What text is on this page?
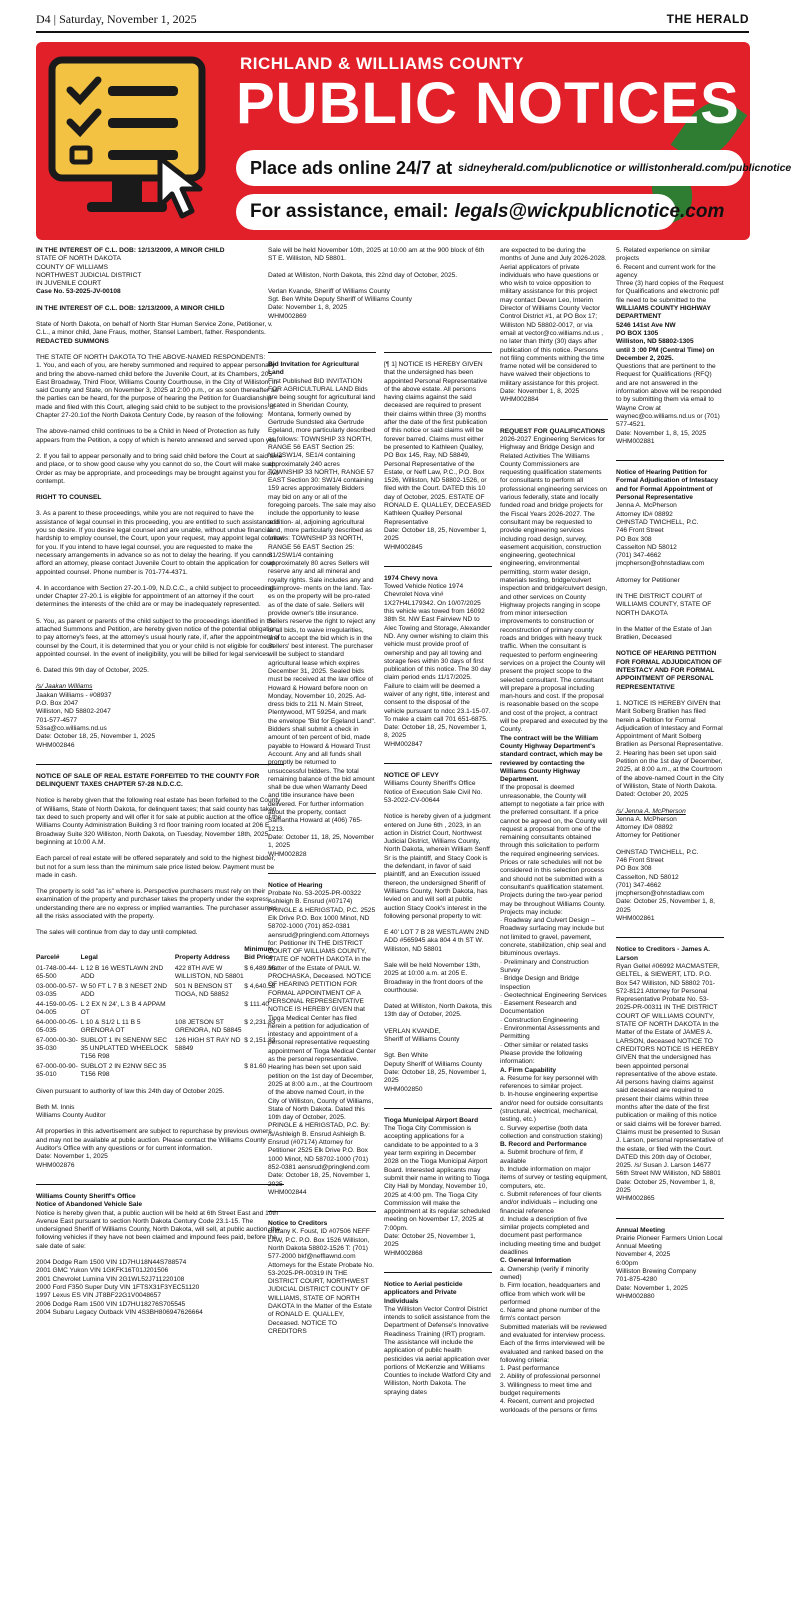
D4 | Saturday, November 1, 2025	THE HERALD
RICHLAND & WILLIAMS COUNTY
PUBLIC NOTICES
Place ads online 24/7 at sidneyherald.com/publicnotice or willistonherald.com/publicnotice
For assistance, email: legals@wickpublicnotice.com

IN THE INTEREST OF C.L. DOB: 12/13/2009, A MINOR CHILD

STATE OF NORTH DAKOTA

COUNTY OF WILLIAMS

NORTHWEST JUDICIAL DISTRICT

IN JUVENILE COURT

Case No. 53-2025-JV-00108

IN THE INTEREST OF C.L. DOB: 12/13/2009, A MINOR CHILD

State of North Dakota, on behalf of North Star Human Service Zone, Petitioner, v. C.L., a minor child, Jane Fraus, mother, Stansel Lambert, father. Respondents.

REDACTED SUMMONS

THE STATE OF NORTH DAKOTA TO THE ABOVE-NAMED RESPONDENTS:

1. You, and each of you, are hereby summoned and required to appear personally and bring the above-named child before the Juvenile Court, at its Chambers, 205 East Broadway, Third Floor, Williams County Courthouse, in the City of Williston, in said County and State, on November 3, 2025 at 2:00 p.m., or as soon thereafter as the parties can be heard, for the purpose of hearing the Petition for Guardianship made and filed with this Court, alleging said child to be subject to the provisions of Chapter 27-20.1of the North Dakota Century Code, by reason of the following:

The above-named child continues to be a Child in Need of Protection as fully appears from the Petition, a copy of which is hereto annexed and served upon you.

2. If you fail to appear personally and to bring said child before the Court at said time and place, or to show good cause why you cannot do so, the Court will make such Order as may be appropriate, and proceedings may be brought against you for civil contempt.

RIGHT TO COUNSEL

3. As a parent to these proceedings, while you are not required to have the assistance of legal counsel in this proceeding, you are entitled to such assistance if you so desire. If you desire legal counsel and are unable, without undue financial hardship to employ counsel, the Court, upon your request, may appoint legal counsel for you. If you intend to have legal counsel, you are requested to make the necessary arrangements in advance so as not to delay the hearing. If you cannot afford an attorney, please contact Juvenile Court to obtain the application for court-appointed counsel. Phone number is 701-774-4371.

4. In accordance with Section 27-20.1-09, N.D.C.C., a child subject to proceedings under Chapter 27-20.1 is eligible for appointment of an attorney if the court determines the interests of the child are or may be inadequately represented.

5. You, as parent or parents of the child subject to the proceedings identified in the attached Summons and Petition, are hereby given notice of the potential obligation to pay attorney's fees, at the attorney's usual hourly rate, if, after the appointment of counsel by the Court, it is determined that you or your child is not eligible for court-appointed counsel. In the event of ineligibility, you will be billed for legal services.

6. Dated this 9th day of October, 2025.

/s/ Jaakan Williams

Jaakan Williams - #08937

P.O. Box 2047

Williston, ND 58802-2047

701-577-4577

53sa@co.williams.nd.us

Date: October 18, 25, November 1, 2025

WHM002846

NOTICE OF SALE OF REAL ESTATE FORFEITED TO THE COUNTY FOR DELINQUENT TAXES CHAPTER 57-28 N.D.C.C.

Notice is hereby given that the following real estate has been forfeited to the County of Williams, State of North Dakota, for delinquent taxes; that said county has taken tax deed to such property and will offer it for sale at public auction at the office of the Williams County Administration Building 3 rd floor training room located at 206 E Broadway Suite 320 Williston, North Dakota, on Tuesday, November 18th, 2025, beginning at 10:00 A.M.

Each parcel of real estate will be offered separately and sold to the highest bidder, but not for a sum less than the minimum sale price listed below. Payment must be made in cash.

The property is sold "as is" where is. Perspective purchasers must rely on their examination of the property and purchaser takes the property under the express understanding there are no express or implied warranties. The purchaser assumes all the risks associated with the property.

The sales will continue from day to day until completed.

Parcel#	Legal	Property Address	Minimum Bid Price
01-748-00-44-65-500	L 12 B 16 WESTLAWN 2ND ADD	422 8TH AVE W WILLISTON, ND 58801	$ 6,489.36
03-000-00-57-03-035	W 50 FT L 7 B 3 NESET 2ND ADD	501 N BENSON ST TIOGA, ND 58852	$ 4,640.58
44-159-00-05-04-005	L 2 EX N 24', L 3 B 4 APPAM OT		$ 111.40
64-000-00-05-05-035	L 10 & S1/2 L 11 B 5 GRENORA OT	108 JETSON ST GRENORA, ND 58845	$ 2,231.83
67-000-00-30-35-030	SUBLOT 1 IN SENENW SEC 35 UNPLATTED WHEELOCK T156 R98	126 HIGH ST RAY ND 58849	$ 2,151.83
67-000-00-90-35-010	SUBLOT 2 IN E2NW SEC 35 T156 R98		$ 81.60

Given pursuant to authority of law this 24th day of October 2025.

Beth M. Innis

Williams County Auditor

All properties in this advertisement are subject to repurchase by previous owners and may not be available at public auction. Please contact the Williams County Auditor's Office with any questions or for current information.

Date: November 1, 2025

WHM002876

Williams County Sheriff's Office

Notice of Abandoned Vehicle Sale

Notice is hereby given that, a public auction will be held at 6th Street East and 10th Avenue East pursuant to section North Dakota Century Code 23.1-15. The undersigned Sheriff of Williams County, North Dakota, will sell, at public auction, the following vehicles if they have not been claimed and impound fees paid, before the sale date of sale:

2004 Dodge Ram 1500 VIN 1D7HU18N44S788574

2001 GMC Yukon VIN 1GKFK16T01J201506

2001 Chevrolet Lumina VIN 2G1WL52J711220108

2000 Ford F350 Super Duty VIN 1FTSX31F3YEC51120

1997 Lexus ES VIN JT8BF22G1V0048657

2006 Dodge Ram 1500 VIN 1D7HU18276S705545

2004 Subaru Legacy Outback VIN 4S3BH806947626664

Sale will be held November 10th, 2025 at 10:00 am at the 900 block of 6th ST E. Williston, ND 58801.

Dated at Williston, North Dakota, this 22nd day of October, 2025.

Verlan Kvande, Sheriff of Williams County

Sgt. Ben White Deputy Sheriff of Williams County

Date: November 1, 8, 2025

WHM002869

Bid Invitation for Agricultural Land

First Published BID INVITATION FOR AGRICULTURAL LAND Bids are being sought for agricultural land located in Sheridan County, Montana, formerly owned by Gertrude Sundsted aka Gertrude Egeland, more particularly described as follows: TOWNSHIP 33 NORTH, RANGE 56 EAST Section 25: N1/2SW1/4, SE1/4 containing approximately 240 acres TOWNSHIP 33 NORTH, RANGE 57 EAST Section 30: SW1/4 containing 159 acres approximately Bidders may bid on any or all of the foregoing parcels. The sale may also include the opportunity to lease addition- al, adjoining agricultural land, more particularly described as follows: TOWNSHIP 33 NORTH, RANGE 56 EAST Section 25: S1/2SW1/4 containing approximately 80 acres Sellers will reserve any and all mineral and royalty rights. Sale includes any and all improve- ments on the land. Tax- es on the property will be pro-rated as of the date of sale. Sellers will provide owner's title insurance. Sellers reserve the right to reject any or all bids, to waive irregularities, and to accept the bid which is in the Sellers' best interest. The purchaser will be subject to standard agricultural lease which expires December 31, 2025. Sealed bids must be received at the law office of Howard & Howard before noon on Monday, November 10, 2025. Ad- dress bids to 211 N. Main Street, Plentywood, MT 59254, and mark the envelope "Bid for Egeland Land". Bidders shall submit a check in amount of ten percent of bid, made payable to Howard & Howard Trust Account. Any and all funds shall promptly be returned to unsuccessful bidders. The total remaining balance of the bid amount shall be due when Warranty Deed and title insurance have been delivered. For further information about the property, contact Samantha Howard at (406) 765-1213.

Date: October 11, 18, 25, November 1, 2025

WHM002828

Notice of Hearing

Probate No. 53-2025-PR-00322 Ashleigh B. Ensrud (#07174) PRINGLE & HERIGSTAD, P.C. 2525 Elk Drive P.O. Box 1000 Minot, ND 58702-1000 (701) 852-0381 aensrud@pringlend.com Attorneys for: Petitioner IN THE DISTRICT COURT OF WILLIAMS COUNTY, STATE OF NORTH DAKOTA In the Matter of the Estate of PAUL W. PROCHASKA, Deceased. NOTICE OF HEARING PETITION FOR FORMAL APPOINTMENT OF A PERSONAL REPRESENTATIVE NOTICE IS HEREBY GIVEN that Tioga Medical Center has filed herein a petition for adjudication of intestacy and appointment of a personal representative requesting appointment of Tioga Medical Center as the personal representative. Hearing has been set upon said petition on the 1st day of December, 2025 at 8:00 a.m., at the Courtroom of the above named Court, in the City of Williston, County of Williams, State of North Dakota. Dated this 10th day of October, 2025. PRINGLE & HERIGSTAD, P.C. By: /s/Ashleigh B. Ensrud Ashleigh B. Ensrud (#07174) Attorney for Petitioner 2525 Elk Drive P.O. Box 1000 Minot, ND 58702-1000 (701) 852-0381 aensrud@pringlend.com

Date: October 18, 25, November 1, 2025

WHM002844

Notice to Creditors

Brittany K. Foust, ID #07506 NEFF LAW, P.C. P.O. Box 1526 Williston, North Dakota 58802-1526 T: (701) 577-2000 bkf@nefflawnd.com Attorneys for the Estate Probate No. 53-2025-PR-00319 IN THE DISTRICT COURT, NORTHWEST JUDICIAL DISTRICT COUNTY OF WILLIAMS, STATE OF NORTH DAKOTA In the Matter of the Estate of RONALD E. QUALLEY, Deceased. NOTICE TO CREDITORS

[¶ 1] NOTICE IS HEREBY GIVEN that the undersigned has been appointed Personal Representative of the above estate. All persons having claims against the said deceased are required to present their claims within three (3) months after the date of the first publication of this notice or said claims will be forever barred. Claims must either be presented to Kathleen Qualley, PO Box 145, Ray, ND 58849, Personal Representative of the Estate, or Neff Law, P.C., P.O. Box 1526, Williston, ND 58802-1526, or filed with the Court. DATED this 10 day of October, 2025. ESTATE OF RONALD E. QUALLEY, DECEASED Kathleen Qualley Personal Representative

Date: October 18, 25, November 1, 2025

WHM002845

1974 Chevy nova

Towed Vehicle Notice 1974 Chevrolet Nova vin# 1X27H4L179342. On 10/07/2025 this vehicle was towed from 16092 38th St. NW East Fairview ND to Alec Towing and Storage, Alexander ND. Any owner wishing to claim this vehicle must provide proof of ownership and pay all towing and storage fees within 30 days of first publication of this notice. The 30 day claim period ends 11/17/2025. Failure to claim will be deemed a waiver of any right, title, interest and consent to the disposal of the vehicle pursuant to ndcc 23.1-15-07. To make a claim call 701 651-6875.

Date: October 18, 25, November 1, 8, 2025

WHM002847

NOTICE OF LEVY

Williams County Sheriff's Office Notice of Execution Sale Civil No. 53-2022-CV-00644

Notice is hereby given of a judgment entered on June 6th , 2023, in an action in District Court, Northwest Judicial District, Williams County, North Dakota, wherein William Senff Sr is the plaintiff, and Stacy Cook is the defendant, in favor of said plaintiff, and an Execution issued thereon, the undersigned Sheriff of Williams County, North Dakota, has levied on and will sell at public auction Stacy Cook's interest in the following personal property to wit:

E 40' LOT 7 B 28 WESTLAWN 2ND ADD #565945 aka 804 4 th ST W. Williston, ND 58801

Sale will be held November 13th, 2025 at 10:00 a.m. at 205 E. Broadway in the front doors of the courthouse.

Dated at Williston, North Dakota, this 13th day of October, 2025.

VERLAN KVANDE,

Sheriff of Williams County

Sgt. Ben White

Deputy Sheriff of Williams County

Date: October 18, 25, November 1, 2025

WHM002850

Tioga Municipal Airport Board

The Tioga City Commission is accepting applications for a candidate to be appointed to a 3 year term expiring in December 2028 on the Tioga Municipal Airport Board. Interested applicants may submit their name in writing to Tioga City Hall by Monday, November 10, 2025 at 4:00 pm. The Tioga City Commission will make the appointment at its regular scheduled meeting on November 17, 2025 at 7:00pm.

Date: October 25, November 1, 2025

WHM002868

Notice to Aerial pesticide applicators and Private Individuals

The Williston Vector Control District intends to solicit assistance from the Department of Defense's Innovative Readiness Training (IRT) program. The assistance will include the application of public health pesticides via aerial application over portions of McKenzie and Williams Counties to include Watford City and Williston, North Dakota. The spraying dates

are expected to be during the months of June and July 2026-2028. Aerial applicators of private individuals who have questions or who wish to voice opposition to military assistance for this project may contact Devan Leo, Interim Director of Williams County Vector Control District #1, at PO Box 17; Williston ND 58802-0017, or via email at vector@co.williams.nd.us , no later than thirty (30) days after publication of this notice. Persons not filing comments withing the time frame noted will be considered to have waived their objections to military assistance for this project.

Date: November 1, 8, 2025

WHM002884

REQUEST FOR QUALIFICATIONS

2026-2027 Engineering Services for Highway and Bridge Design and Related Activities The Williams County Commissioners are requesting qualification statements for consultants to perform all professional engineering services on various federally, state and locally funded road and bridge projects for the Fiscal Years 2026-2027. The consultant may be requested to provide engineering services including road design, survey, easement acquisition, construction engineering, geotechnical engineering, environmental permitting, storm water design, materials testing, bridge/culvert inspection and bridge/culvert design, and other services on County Highway projects ranging in scope from minor intersection improvements to construction or reconstruction of primary county roads and bridges with heavy truck traffic. When the consultant is requested to perform engineering services on a project the County will present the project scope to the selected consultant. The consultant will prepare a proposal including man-hours and cost. If the proposal is reasonable based on the scope and cost of the project, a contract will be prepared and executed by the County.

The contract will be the William County Highway Department's standard contract, which may be reviewed by contacting the Williams County Highway Department.

If the proposal is deemed unreasonable, the County will attempt to negotiate a fair price with the preferred consultant. If a price cannot be agreed on, the County will request a proposal from one of the remaining consultants obtained through this solicitation to perform the required engineering services. Prices or rate schedules will not be considered in this selection process and should not be submitted with a consultant's qualification statement. Projects during the two-year period may be throughout Williams County. Projects may include:

· Roadway and Culvert Design – Roadway surfacing may include but not limited to gravel, pavement, concrete, stabilization, chip seal and bituminous overlays.

· Preliminary and Construction Survey

· Bridge Design and Bridge Inspection

· Geotechnical Engineering Services

· Easement Research and Documentation

· Construction Engineering

· Environmental Assessments and Permitting

· Other similar or related tasks

Please provide the following information:

A. Firm Capability

a. Resume for key personnel with references to similar project.

b. In-house engineering expertise and/or need for outside consultants (structural, electrical, mechanical, testing, etc.)

c. Survey expertise (both data collection and construction staking)

B. Record and Performance

a. Submit brochure of firm, if available

b. Include information on major items of survey or testing equipment, computers, etc.

c. Submit references of four clients and/or individuals – including one financial reference

d. Include a description of five similar projects completed and document past performance including meeting time and budget deadlines

C. General Information

a. Ownership (verify if minority owned)

b. Firm location, headquarters and office from which work will be performed

c. Name and phone number of the firm's contact person

Submitted materials will be reviewed and evaluated for interview process. Each of the firms interviewed will be evaluated and ranked based on the following criteria:

1. Past performance

2. Ability of professional personnel

3. Willingness to meet time and budget requirements

4. Recent, current and projected workloads of the persons or firms

5. Related experience on similar projects

6. Recent and current work for the agency

Three (3) hard copies of the Request for Qualifications and electronic pdf file need to be submitted to the

WILLIAMS COUNTY HIGHWAY DEPARTMENT

5246 141st Ave NW

PO BOX 1305

Williston, ND 58802-1305

until 3 :00 PM (Central Time) on December 2, 2025.

Questions that are pertinent to the Request for Qualifications (RFQ) and are not answered in the information above will be responded to by submitting them via email to Wayne Crow at waynec@co.williams.nd.us or (701) 577-4521.

Date: November 1, 8, 15, 2025

WHM002881

Notice of Hearing Petition for Formal Adjudication of Intestacy and for Formal Appointment of Personal Representative

Jenna A. McPherson

Attorney ID# 08892

OHNSTAD TWICHELL, P.C.

746 Front Street

PO Box 308

Casselton ND 58012

(701) 347-4662

jmcpherson@ohnstadlaw.com

Attorney for Petitioner

IN THE DISTRICT COURT of WILLIAMS COUNTY, STATE OF NORTH DAKOTA

In the Matter of the Estate of Jan Bratlien, Deceased

NOTICE OF HEARING PETITION FOR FORMAL ADJUDICATION OF INTESTACY AND FOR FORMAL APPOINTMENT OF PERSONAL REPRESENTATIVE

1. NOTICE IS HEREBY GIVEN that Marit Solberg Bratlien has filed herein a Petition for Formal Adjudication of Intestacy and Formal Appointment of Marit Solberg Bratlien as Personal Representative.

2. Hearing has been set upon said Petition on the 1st day of December, 2025, at 8:00 a.m., at the Courtroom of the above-named Court in the City of Williston, State of North Dakota.

Dated: October 20, 2025

/s/ Jenna A. McPherson

Jenna A. McPherson

Attorney ID# 08892

Attorney for Petitioner

OHNSTAD TWICHELL, P.C.

746 Front Street

PO Box 308

Casselton, ND 58012

(701) 347-4662

jmcpherson@ohnstadlaw.com

Date: October 25, November 1, 8, 2025

WHM002861

Notice to Creditors - James A. Larson

Ryan Gellel #06992 MACMASTER, GELTEL, & SIEWERT, LTD. P.O. Box 547 Williston, ND 58802 701-572-8121 Attorney for Personal Representative Probate No. 53-2025-PR-00311 IN THE DISTRICT COURT OF WILLIAMS COUNTY, STATE OF NORTH DAKOTA In the Matter of the Estate of JAMES A. LARSON, deceased NOTICE TO CREDITORS NOTICE IS HEREBY GIVEN that the undersigned has been appointed personal representative of the above estate. All persons having claims against said deceased are required to present their claims within three months after the date of the first publication or mailing of this notice or said claims will be forever barred. Claims must be presented to Susan J. Larson, personal representative of the estate, or filed with the Court. DATED this 20th day of October, 2025. /s/ Susan J. Larson 14677 56th Street NW Williston, ND 58801

Date: October 25, November 1, 8, 2025

WHM002865

Annual Meeting

Prairie Pioneer Farmers Union Local

Annual Meeting

November 4, 2025

6:00pm

Williston Brewing Company

701-875-4280

Date: November 1, 2025

WHM002880
